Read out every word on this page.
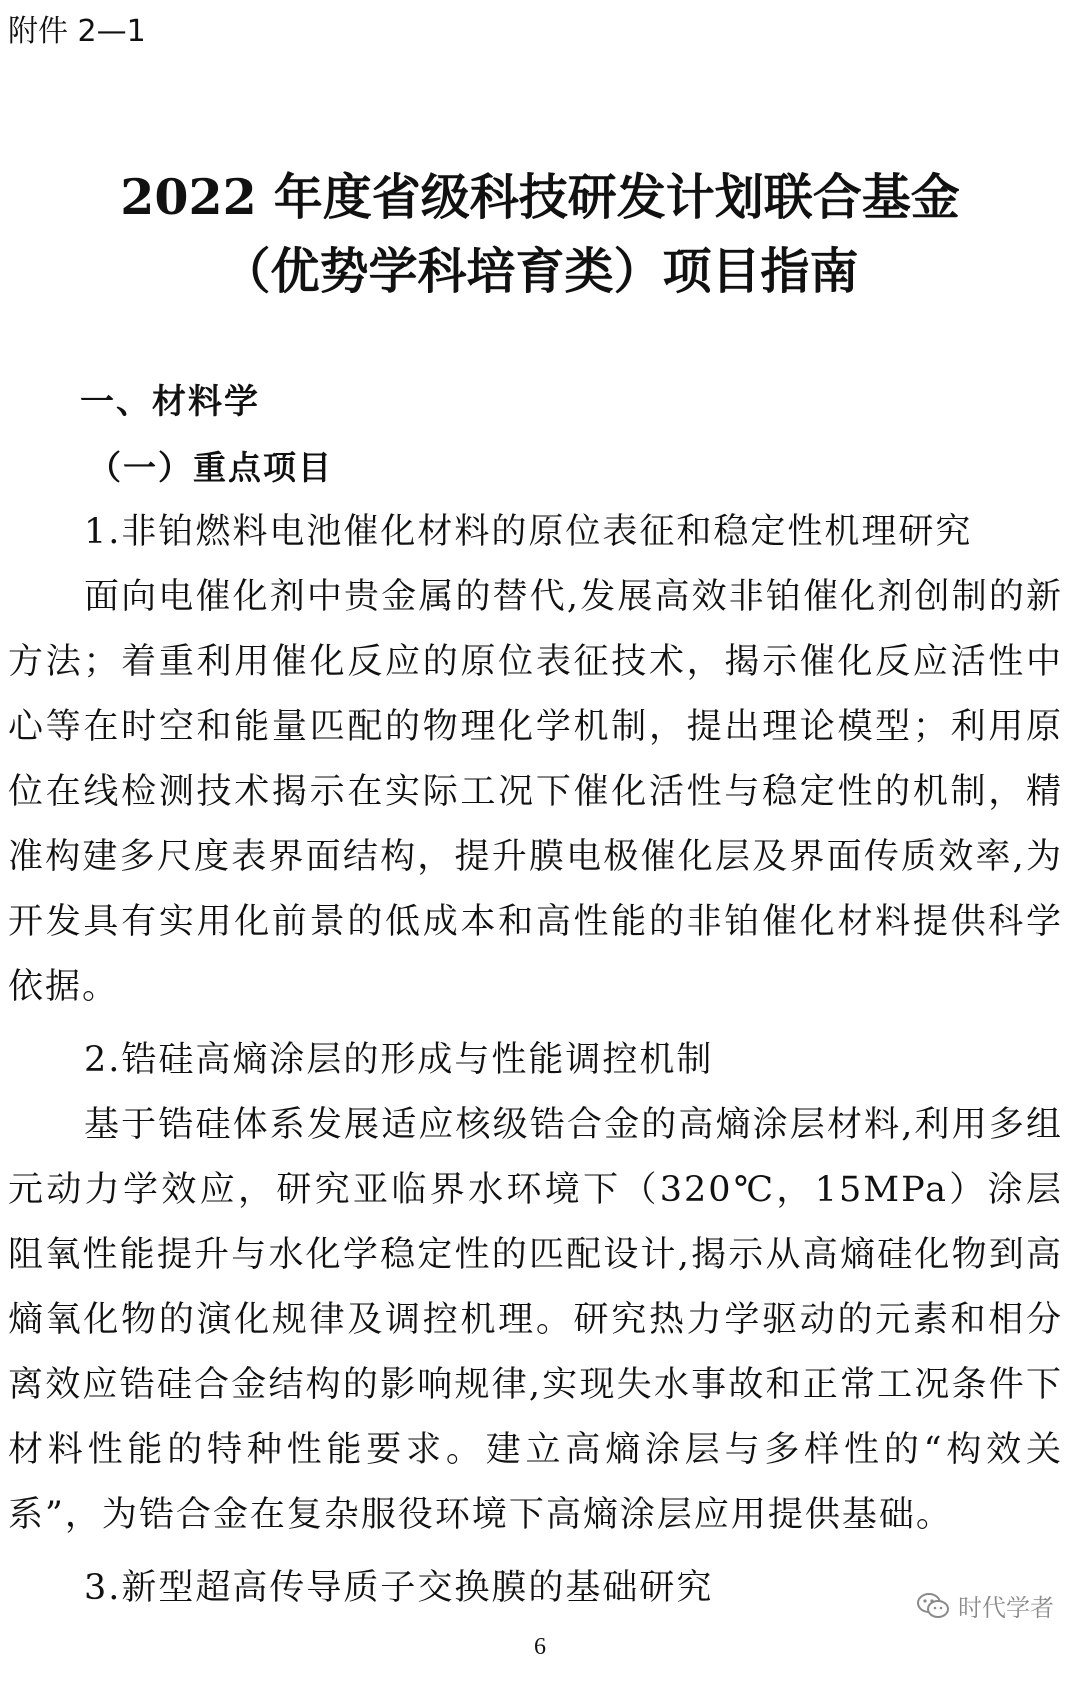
附件 2—1
2022 年度省级科技研发计划联合基金
（优势学科培育类）项目指南
一、材料学
（一）重点项目

1.非铂燃料电池催化材料的原位表征和稳定性机理研究

面向电催化剂中贵金属的替代,发展高效非铂催化剂创制的新方法；着重利用催化反应的原位表征技术，揭示催化反应活性中心等在时空和能量匹配的物理化学机制，提出理论模型；利用原位在线检测技术揭示在实际工况下催化活性与稳定性的机制，精准构建多尺度表界面结构，提升膜电极催化层及界面传质效率,为开发具有实用化前景的低成本和高性能的非铂催化材料提供科学依据。

2.锆硅高熵涂层的形成与性能调控机制

基于锆硅体系发展适应核级锆合金的高熵涂层材料,利用多组元动力学效应，研究亚临界水环境下（320℃，15MPa）涂层阻氧性能提升与水化学稳定性的匹配设计,揭示从高熵硅化物到高熵氧化物的演化规律及调控机理。研究热力学驱动的元素和相分离效应锆硅合金结构的影响规律,实现失水事故和正常工况条件下材料性能的特种性能要求。建立高熵涂层与多样性的“构效关系”，为锆合金在复杂服役环境下高熵涂层应用提供基础。

3.新型超高传导质子交换膜的基础研究	时代学者
6
